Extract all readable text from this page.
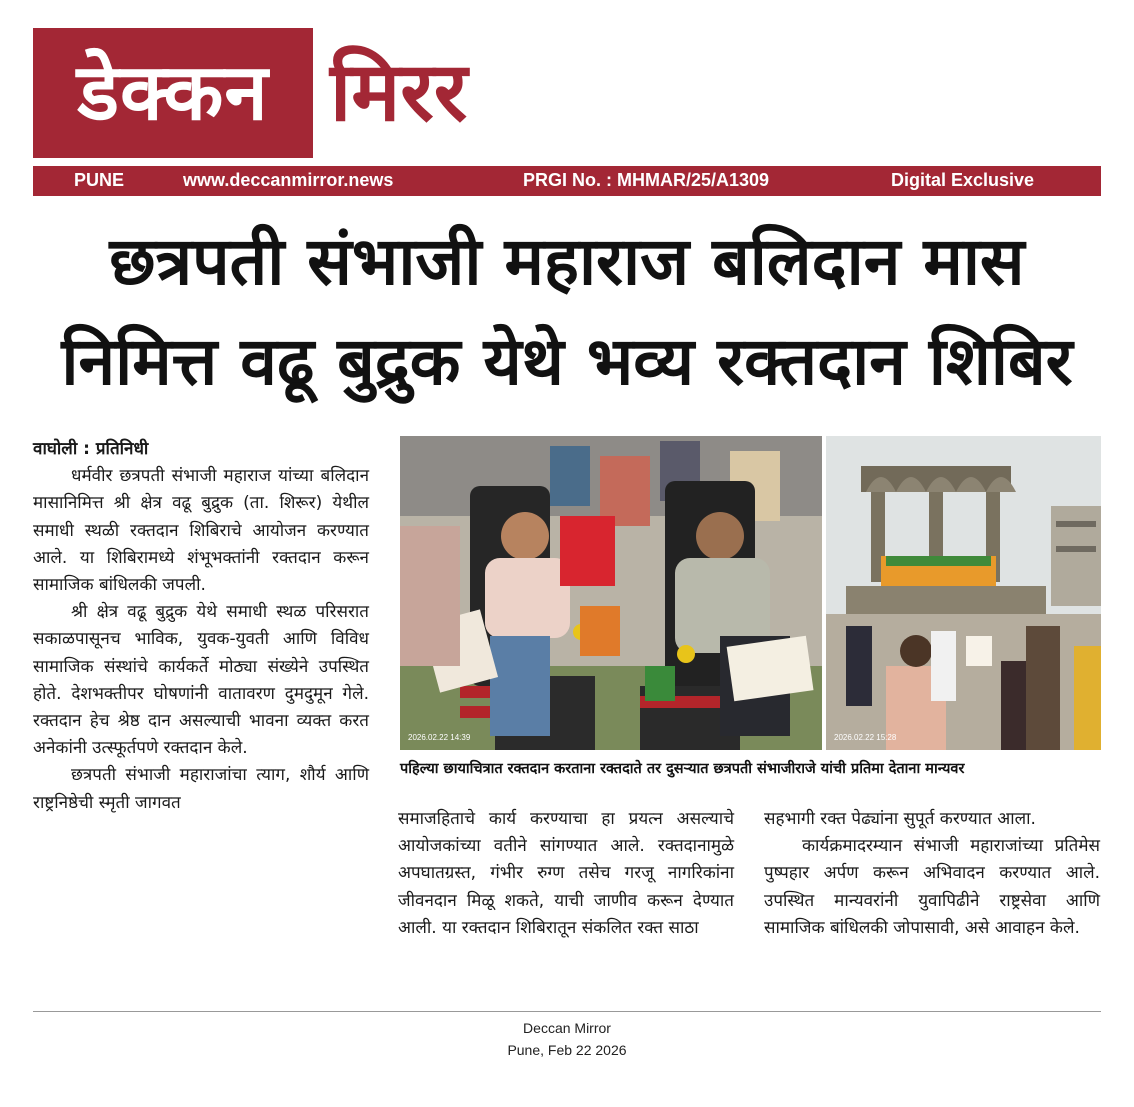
डेक्कन मिरर
PUNE	www.deccanmirror.news	PRGI No. : MHMAR/25/A1309	Digital Exclusive
छत्रपती संभाजी महाराज बलिदान मास
निमित्त वढू बुद्रुक येथे भव्य रक्तदान शिबिर

वाघोली : प्रतिनिधी

धर्मवीर छत्रपती संभाजी महाराज यांच्या बलिदान मासानिमित्त श्री क्षेत्र वढू बुद्रुक (ता. शिरूर) येथील समाधी स्थळी रक्तदान शिबिराचे आयोजन करण्यात आले. या शिबिरामध्ये शंभूभक्तांनी रक्तदान करून सामाजिक बांधिलकी जपली.

श्री क्षेत्र वढू बुद्रुक येथे समाधी स्थळ परिसरात सकाळपासूनच भाविक, युवक-युवती आणि विविध सामाजिक संस्थांचे कार्यकर्ते मोठ्या संख्येने उपस्थित होते. देशभक्तीपर घोषणांनी वातावरण दुमदुमून गेले. रक्तदान हेच श्रेष्ठ दान असल्याची भावना व्यक्त करत अनेकांनी उत्स्फूर्तपणे रक्तदान केले.

छत्रपती संभाजी महाराजांचा त्याग, शौर्य आणि राष्ट्रनिष्ठेची स्मृती जागवत

2026.02.22 14:39	2026.02.22 15:28
पहिल्या छायाचित्रात रक्तदान करताना रक्तदाते तर दुसऱ्यात छत्रपती संभाजीराजे यांची प्रतिमा देताना मान्यवर

समाजहिताचे कार्य करण्याचा हा प्रयत्न असल्याचे आयोजकांच्या वतीने सांगण्यात आले. रक्तदानामुळे अपघातग्रस्त, गंभीर रुग्ण तसेच गरजू नागरिकांना जीवनदान मिळू शकते, याची जाणीव करून देण्यात आली. या रक्तदान शिबिरातून संकलित रक्त साठा

सहभागी रक्त पेढ्यांना सुपूर्त करण्यात आला.

कार्यक्रमादरम्यान संभाजी महाराजांच्या प्रतिमेस पुष्पहार अर्पण करून अभिवादन करण्यात आले. उपस्थित मान्यवरांनी युवापिढीने राष्ट्रसेवा आणि सामाजिक बांधिलकी जोपासावी, असे आवाहन केले.

Deccan Mirror
Pune, Feb 22 2026
